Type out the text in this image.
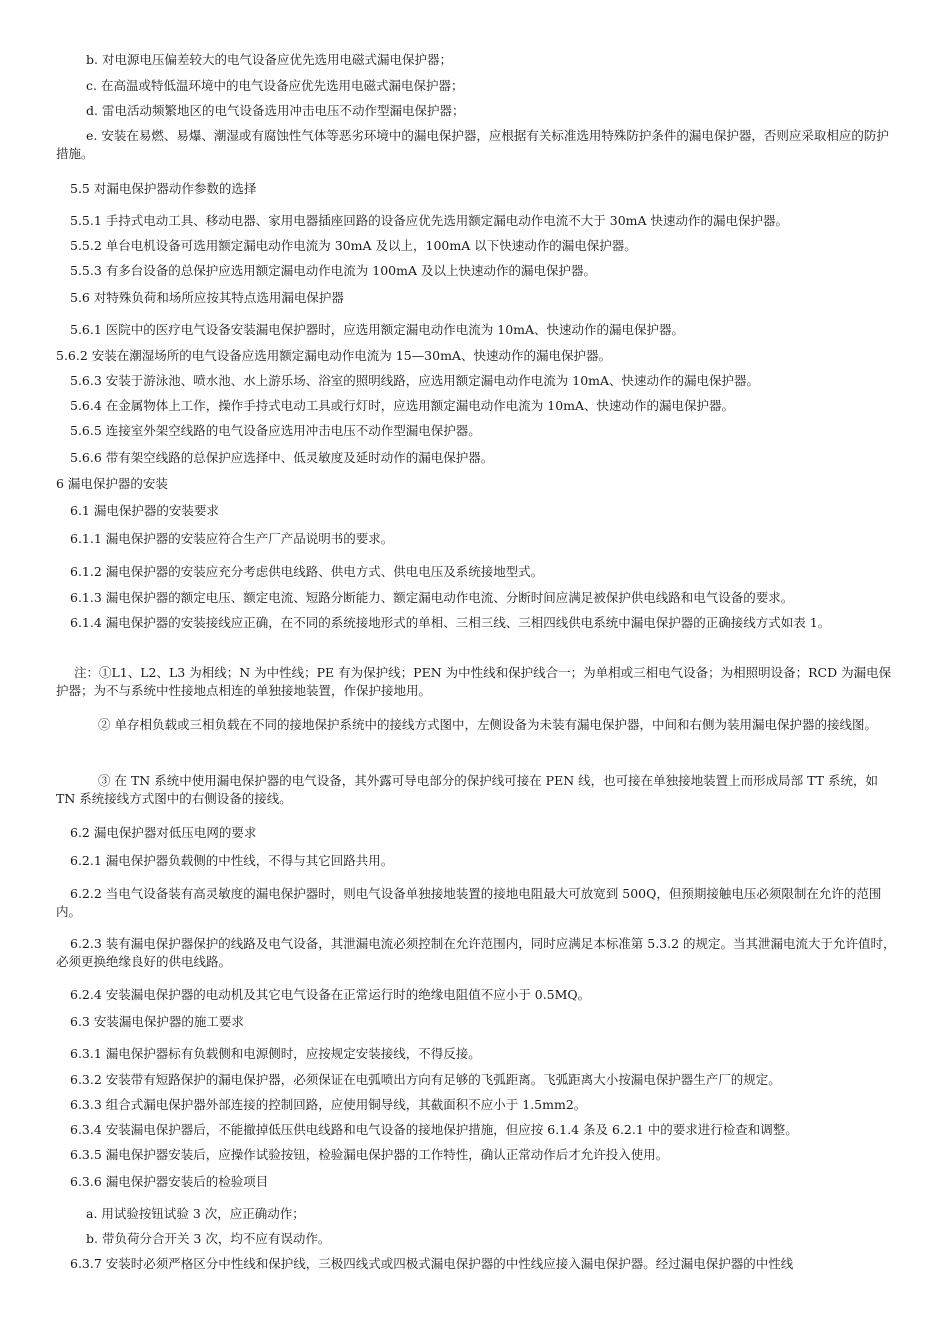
b. 对电源电压偏差较大的电气设备应优先选用电磁式漏电保护器；

c. 在高温或特低温环境中的电气设备应优先选用电磁式漏电保护器；

d. 雷电活动频繁地区的电气设备选用冲击电压不动作型漏电保护器；

e. 安装在易燃、易爆、潮湿或有腐蚀性气体等恶劣环境中的漏电保护器，应根据有关标准选用特殊防护条件的漏电保护器，否则应采取相应的防护措施。

5.5 对漏电保护器动作参数的选择

5.5.1 手持式电动工具、移动电器、家用电器插座回路的设备应优先选用额定漏电动作电流不大于 30mA 快速动作的漏电保护器。

5.5.2 单台电机设备可选用额定漏电动作电流为 30mA 及以上，100mA 以下快速动作的漏电保护器。

5.5.3 有多台设备的总保护应选用额定漏电动作电流为 100mA 及以上快速动作的漏电保护器。

5.6 对特殊负荷和场所应按其特点选用漏电保护器

5.6.1 医院中的医疗电气设备安装漏电保护器时，应选用额定漏电动作电流为 10mA、快速动作的漏电保护器。

5.6.2 安装在潮湿场所的电气设备应选用额定漏电动作电流为 15—30mA、快速动作的漏电保护器。

5.6.3 安装于游泳池、喷水池、水上游乐场、浴室的照明线路，应选用额定漏电动作电流为 10mA、快速动作的漏电保护器。

5.6.4 在金属物体上工作，操作手持式电动工具或行灯时，应选用额定漏电动作电流为 10mA、快速动作的漏电保护器。

5.6.5 连接室外架空线路的电气设备应选用冲击电压不动作型漏电保护器。

5.6.6 带有架空线路的总保护应选择中、低灵敏度及延时动作的漏电保护器。

6 漏电保护器的安装

6.1 漏电保护器的安装要求

6.1.1 漏电保护器的安装应符合生产厂产品说明书的要求。

6.1.2 漏电保护器的安装应充分考虑供电线路、供电方式、供电电压及系统接地型式。

6.1.3 漏电保护器的额定电压、额定电流、短路分断能力、额定漏电动作电流、分断时间应满足被保护供电线路和电气设备的要求。

6.1.4 漏电保护器的安装接线应正确，在不同的系统接地形式的单相、三相三线、三相四线供电系统中漏电保护器的正确接线方式如表 1。

注：①L1、L2、L3 为相线；N 为中性线；PE 有为保护线；PEN 为中性线和保护线合一；为单相或三相电气设备；为相照明设备；RCD 为漏电保护器；为不与系统中性接地点相连的单独接地装置，作保护接地用。

② 单存相负载或三相负载在不同的接地保护系统中的接线方式图中，左侧设备为未装有漏电保护器，中间和右侧为装用漏电保护器的接线图。

③ 在 TN 系统中使用漏电保护器的电气设备，其外露可导电部分的保护线可接在 PEN 线，也可接在单独接地装置上而形成局部 TT 系统，如 TN 系统接线方式图中的右侧设备的接线。

6.2 漏电保护器对低压电网的要求

6.2.1 漏电保护器负载侧的中性线，不得与其它回路共用。

6.2.2 当电气设备装有高灵敏度的漏电保护器时，则电气设备单独接地装置的接地电阻最大可放宽到 500Q，但预期接触电压必须限制在允许的范围内。

6.2.3 装有漏电保护器保护的线路及电气设备，其泄漏电流必须控制在允许范围内，同时应满足本标准第 5.3.2 的规定。当其泄漏电流大于允许值时，必须更换绝缘良好的供电线路。

6.2.4 安装漏电保护器的电动机及其它电气设备在正常运行时的绝缘电阻值不应小于 0.5MQ。

6.3 安装漏电保护器的施工要求

6.3.1 漏电保护器标有负载侧和电源侧时，应按规定安装接线，不得反接。

6.3.2 安装带有短路保护的漏电保护器，必须保证在电弧喷出方向有足够的飞弧距离。飞弧距离大小按漏电保护器生产厂的规定。

6.3.3 组合式漏电保护器外部连接的控制回路，应使用铜导线，其截面积不应小于 1.5mm2。

6.3.4 安装漏电保护器后，不能撤掉低压供电线路和电气设备的接地保护措施，但应按 6.1.4 条及 6.2.1 中的要求进行检查和调整。

6.3.5 漏电保护器安装后，应操作试验按钮，检验漏电保护器的工作特性，确认正常动作后才允许投入使用。

6.3.6 漏电保护器安装后的检验项目

a. 用试验按钮试验 3 次，应正确动作；

b. 带负荷分合开关 3 次，均不应有误动作。

6.3.7 安装时必须严格区分中性线和保护线，三极四线式或四极式漏电保护器的中性线应接入漏电保护器。经过漏电保护器的中性线
